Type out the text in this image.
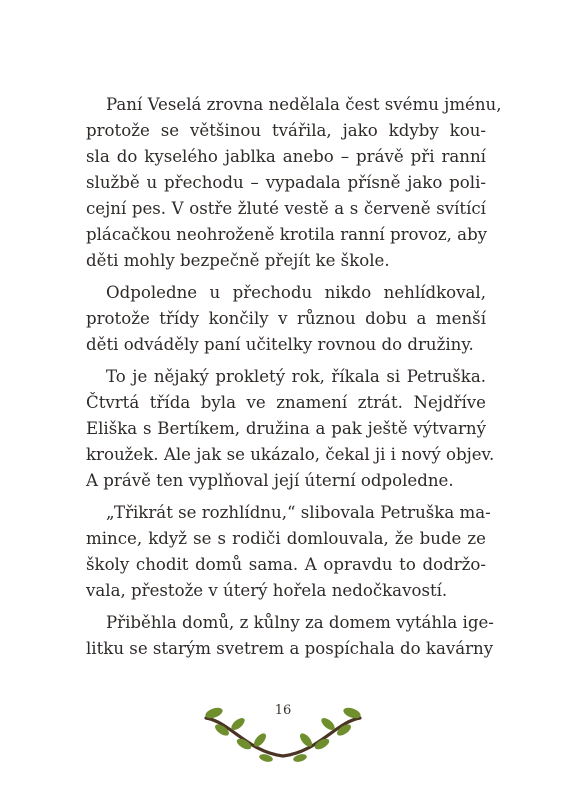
Paní Veselá zrovna nedělala čest svému jménu,
protože se většinou tvářila, jako kdyby kou-
sla do kyselého jablka anebo – právě při ranní
službě u přechodu – vypadala přísně jako poli-
cejní pes. V ostře žluté vestě a s červeně svítící
plácačkou neohroženě krotila ranní provoz, aby
děti mohly bezpečně přejít ke škole.
Odpoledne u přechodu nikdo nehlídkoval,
protože třídy končily v různou dobu a menší
děti odváděly paní učitelky rovnou do družiny.
To je nějaký prokletý rok, říkala si Petruška.
Čtvrtá třída byla ve znamení ztrát. Nejdříve
Eliška s Bertíkem, družina a pak ještě výtvarný
kroužek. Ale jak se ukázalo, čekal ji i nový objev.
A právě ten vyplňoval její úterní odpoledne.
„Třikrát se rozhlídnu,“ slibovala Petruška ma-
mince, když se s rodiči domlouvala, že bude ze
školy chodit domů sama. A opravdu to dodržo-
vala, přestože v úterý hořela nedočkavostí.
Přiběhla domů, z kůlny za domem vytáhla ige-
litku se starým svetrem a pospíchala do kavárny
16
